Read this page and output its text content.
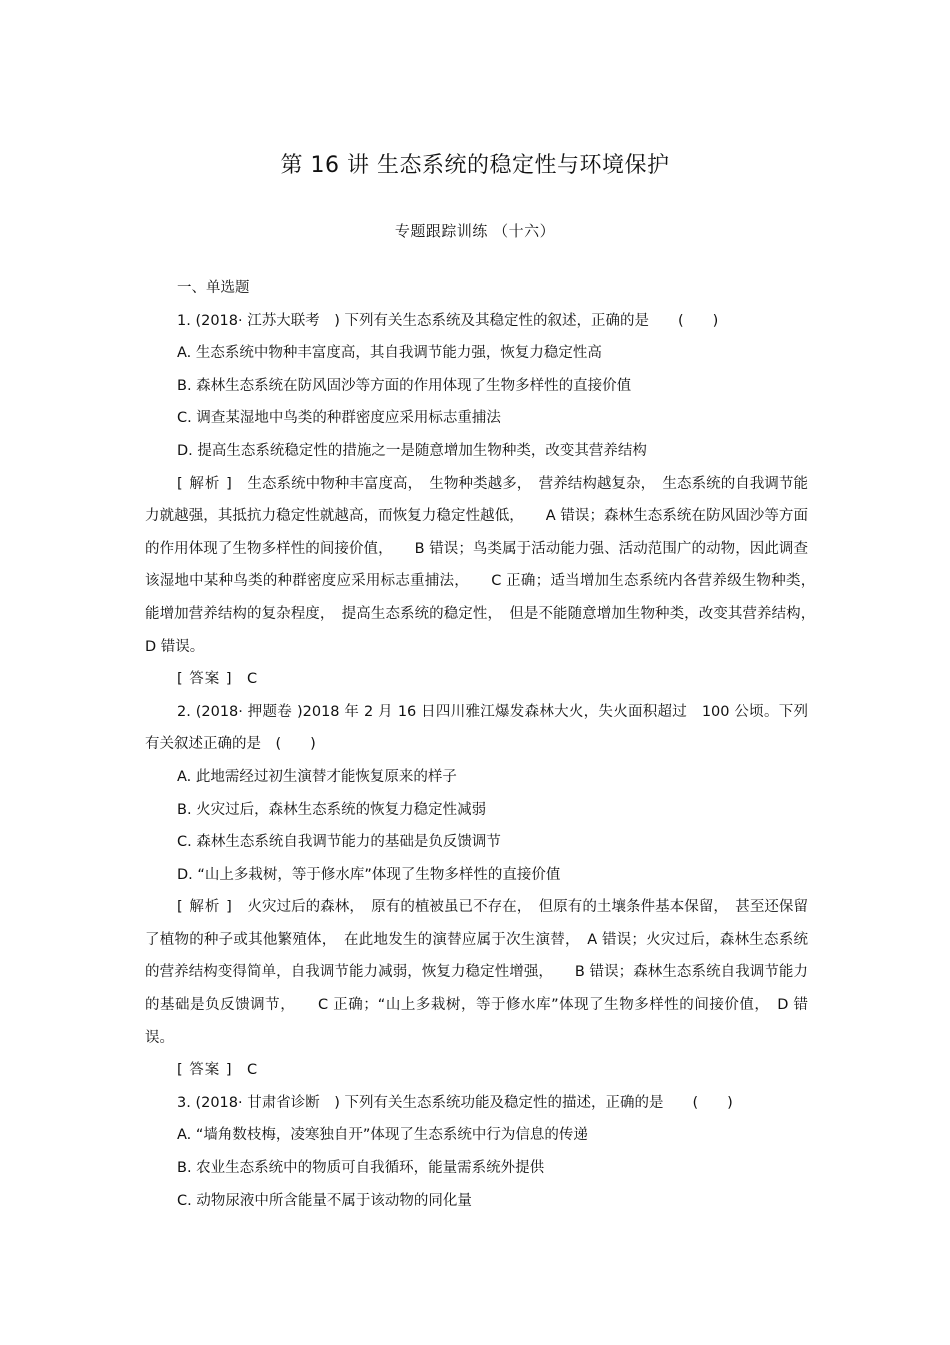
第 16 讲 生态系统的稳定性与环境保护
专题跟踪训练 （十六）

一、单选题

1. (2018· 江苏大联考　) 下列有关生态系统及其稳定性的叙述，正确的是　　(　　)

A. 生态系统中物种丰富度高，其自我调节能力强，恢复力稳定性高

B. 森林生态系统在防风固沙等方面的作用体现了生物多样性的直接价值

C. 调查某湿地中鸟类的种群密度应采用标志重捕法

D. 提高生态系统稳定性的措施之一是随意增加生物种类，改变其营养结构

[ 解析 ]　 生态系统中物种丰富度高，　生物种类越多，　营养结构越复杂，　生态系统的自我调节能力就越强，其抵抗力稳定性就越高，而恢复力稳定性越低，　　A 错误；森林生态系统在防风固沙等方面的作用体现了生物多样性的间接价值，　　B 错误；鸟类属于活动能力强、活动范围广的动物，因此调查该湿地中某种鸟类的种群密度应采用标志重捕法，　　C 正确；适当增加生态系统内各营养级生物种类，　能增加营养结构的复杂程度，　提高生态系统的稳定性，　但是不能随意增加生物种类，改变其营养结构，　　D 错误。

[ 答案 ]　 C

2. (2018· 押题卷 )2018 年 2 月 16 日四川雅江爆发森林大火，失火面积超过　100 公顷。下列有关叙述正确的是　(　　)

A. 此地需经过初生演替才能恢复原来的样子

B. 火灾过后，森林生态系统的恢复力稳定性减弱

C. 森林生态系统自我调节能力的基础是负反馈调节

D. “山上多栽树，等于修水库”体现了生物多样性的直接价值

[ 解析 ]　 火灾过后的森林，　原有的植被虽已不存在，　但原有的土壤条件基本保留，　甚至还保留了植物的种子或其他繁殖体，　在此地发生的演替应属于次生演替，　A 错误；火灾过后，森林生态系统的营养结构变得简单，自我调节能力减弱，恢复力稳定性增强，　　B 错误；森林生态系统自我调节能力的基础是负反馈调节，　　C 正确；“山上多栽树，等于修水库”体现了生物多样性的间接价值，　D 错误。

[ 答案 ]　 C

3. (2018· 甘肃省诊断　) 下列有关生态系统功能及稳定性的描述，正确的是　　(　　)

A. “墙角数枝梅，凌寒独自开”体现了生态系统中行为信息的传递

B. 农业生态系统中的物质可自我循环，能量需系统外提供

C. 动物尿液中所含能量不属于该动物的同化量
